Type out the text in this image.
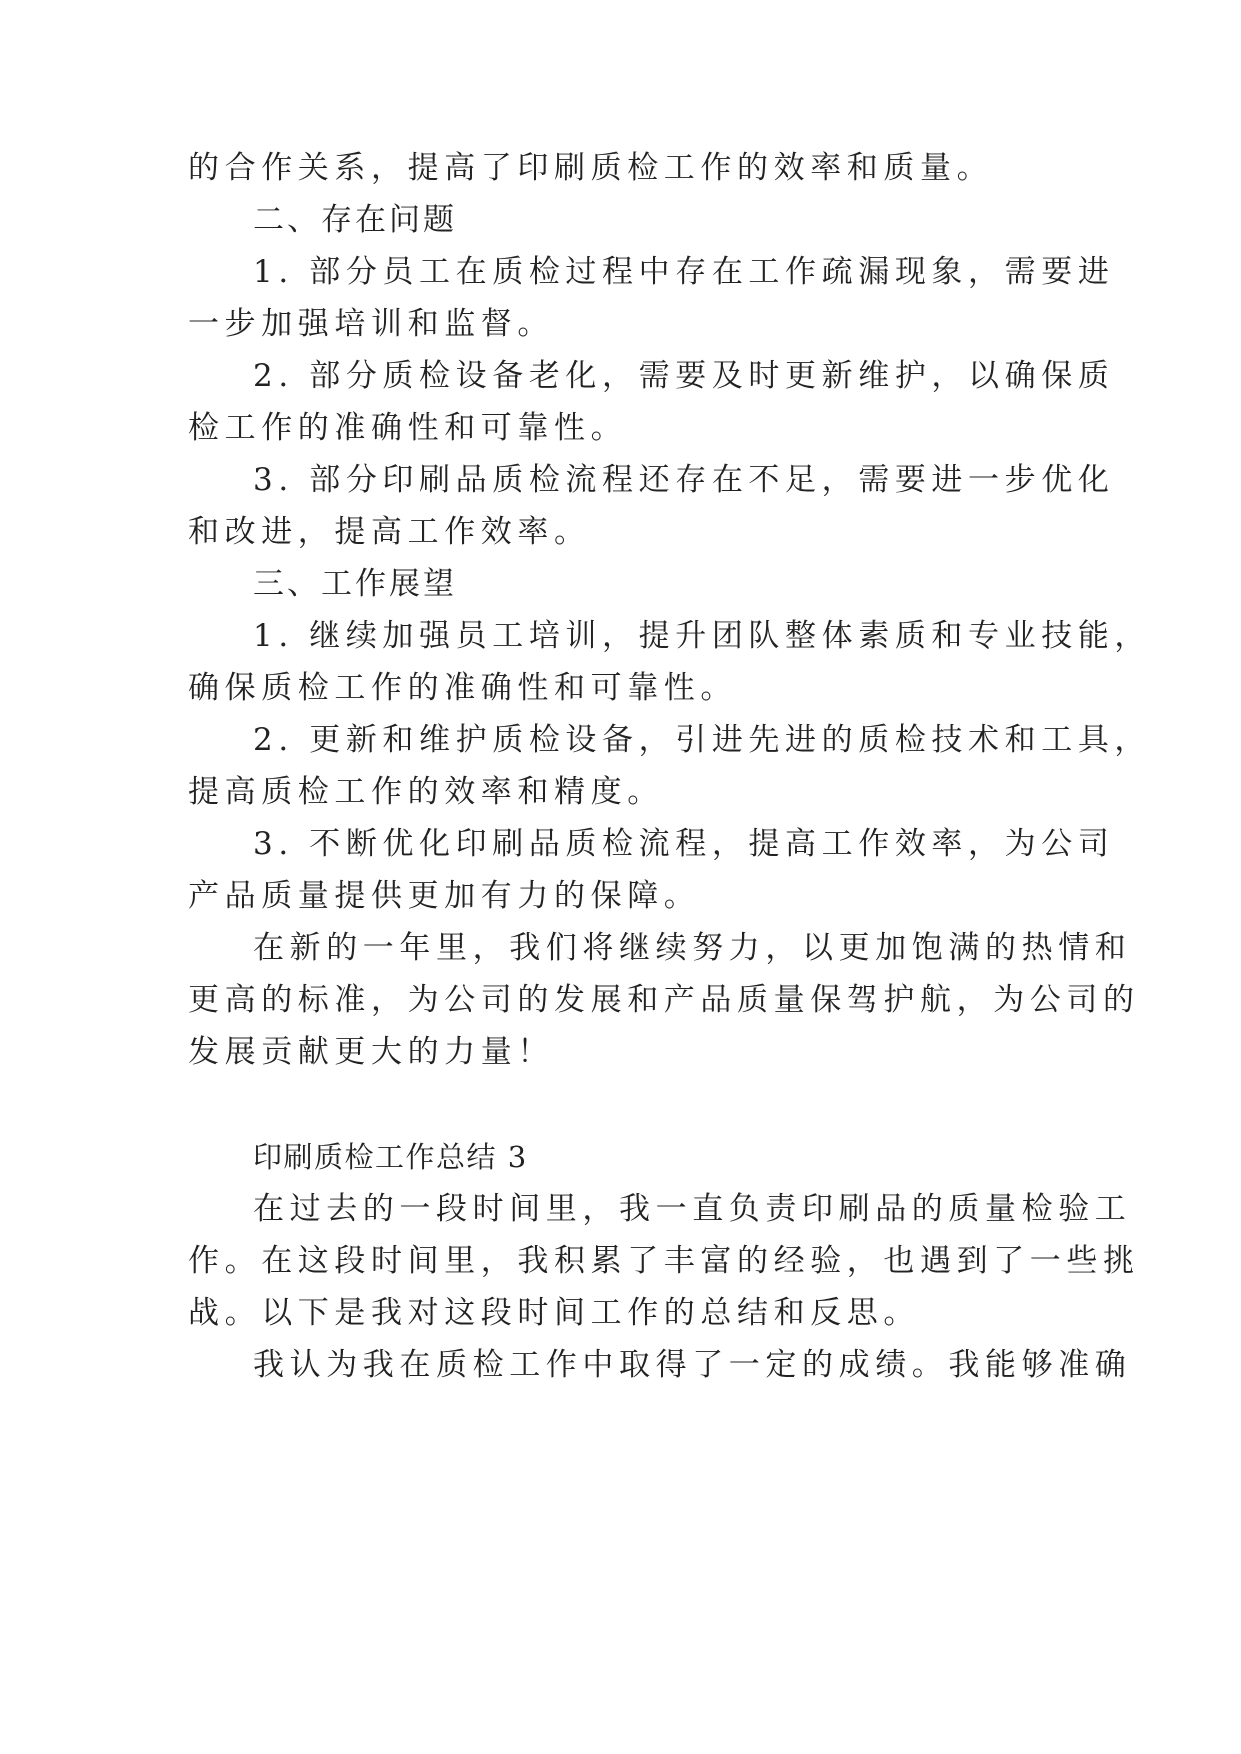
的合作关系，提高了印刷质检工作的效率和质量。
二、存在问题
1. 部分员工在质检过程中存在工作疏漏现象，需要进
一步加强培训和监督。
2. 部分质检设备老化，需要及时更新维护，以确保质
检工作的准确性和可靠性。
3. 部分印刷品质检流程还存在不足，需要进一步优化
和改进，提高工作效率。
三、工作展望
1. 继续加强员工培训，提升团队整体素质和专业技能，
确保质检工作的准确性和可靠性。
2. 更新和维护质检设备，引进先进的质检技术和工具，
提高质检工作的效率和精度。
3. 不断优化印刷品质检流程，提高工作效率，为公司
产品质量提供更加有力的保障。
在新的一年里，我们将继续努力，以更加饱满的热情和
更高的标准，为公司的发展和产品质量保驾护航，为公司的
发展贡献更大的力量！
印刷质检工作总结 3
在过去的一段时间里，我一直负责印刷品的质量检验工
作。在这段时间里，我积累了丰富的经验，也遇到了一些挑
战。以下是我对这段时间工作的总结和反思。
我认为我在质检工作中取得了一定的成绩。我能够准确
